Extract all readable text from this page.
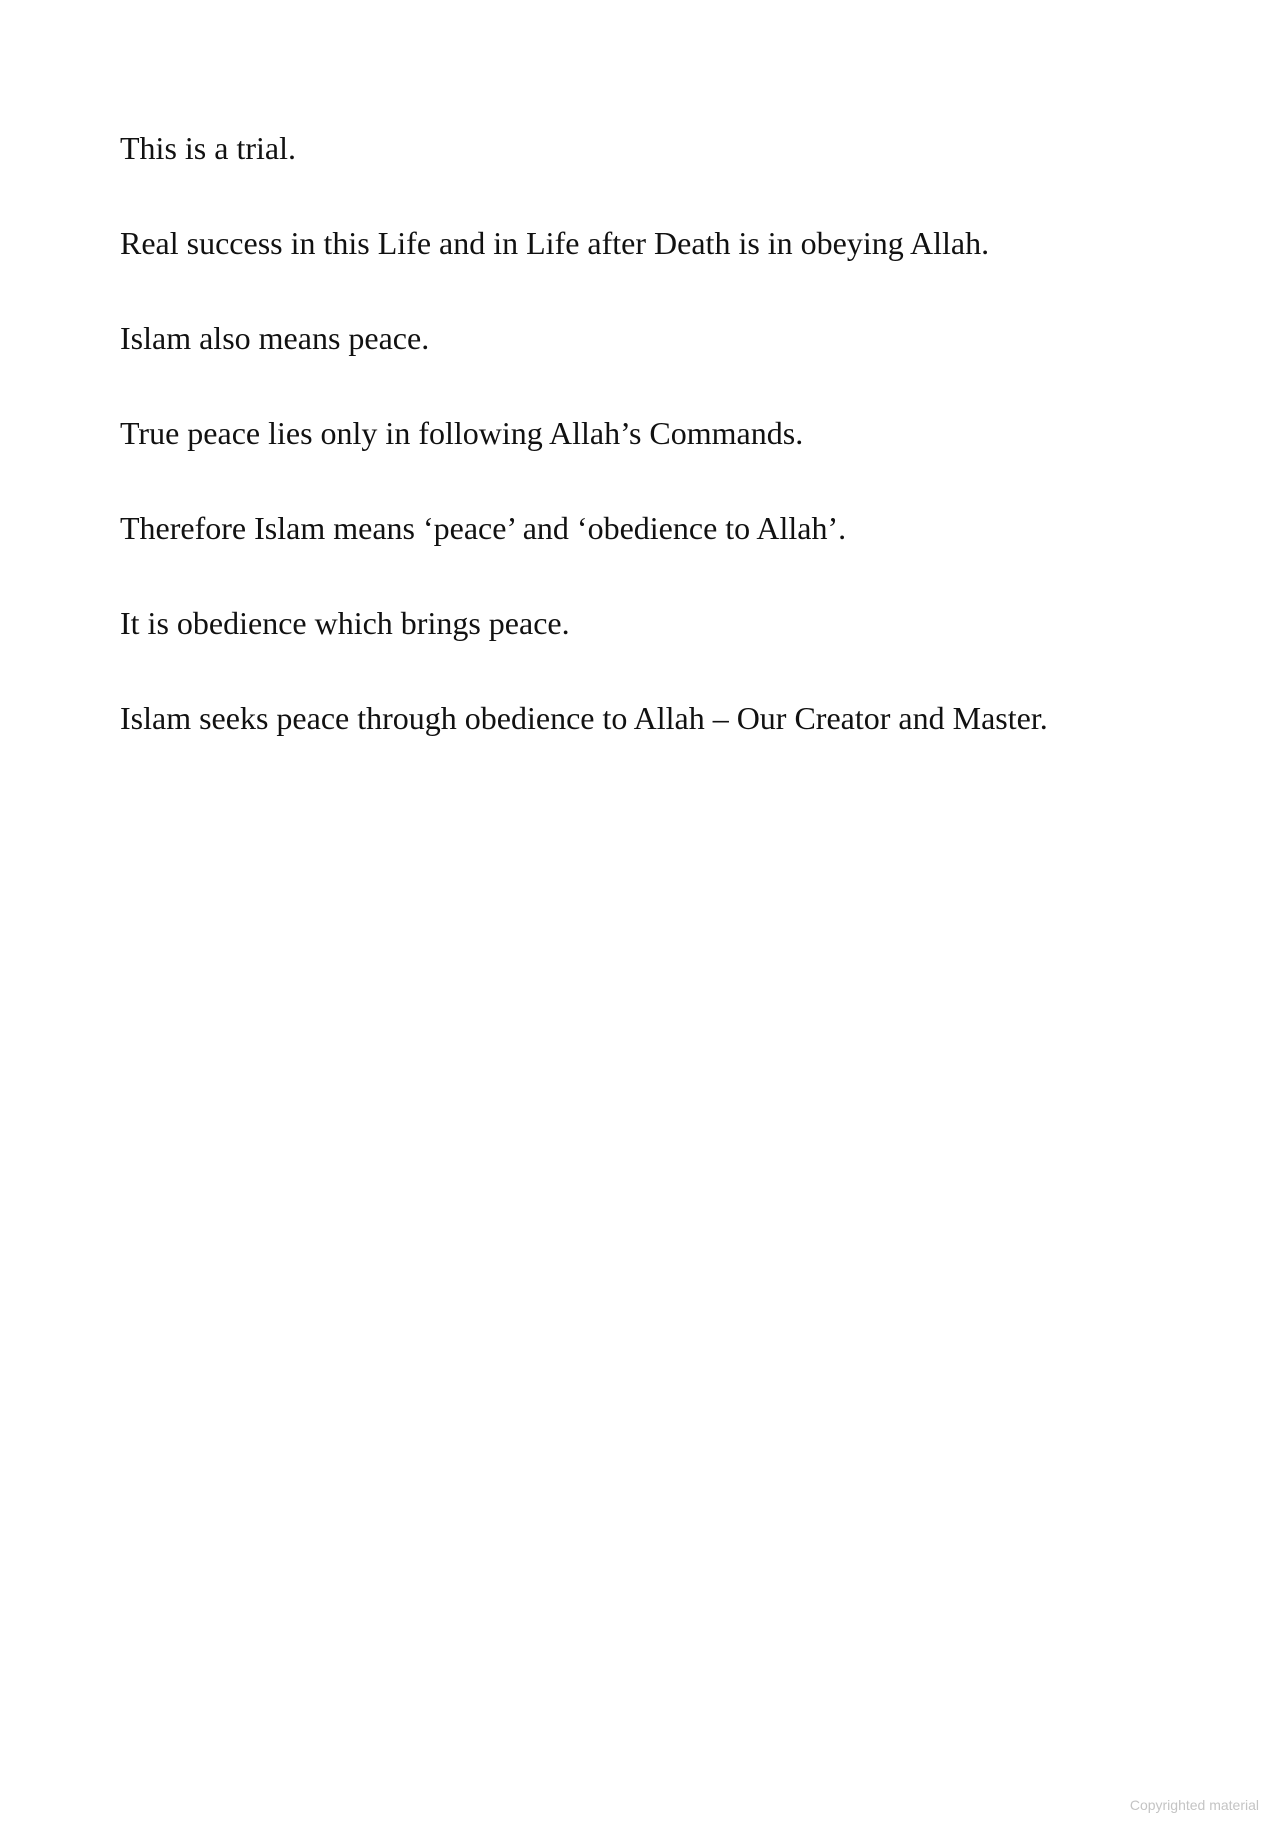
This is a trial.

Real success in this Life and in Life after Death is in obeying Allah.

Islam also means peace.

True peace lies only in following Allah’s Commands.

Therefore Islam means ‘peace’ and ‘obedience to Allah’.

It is obedience which brings peace.

Islam seeks peace through obedience to Allah – Our Creator and Master.

Copyrighted material
